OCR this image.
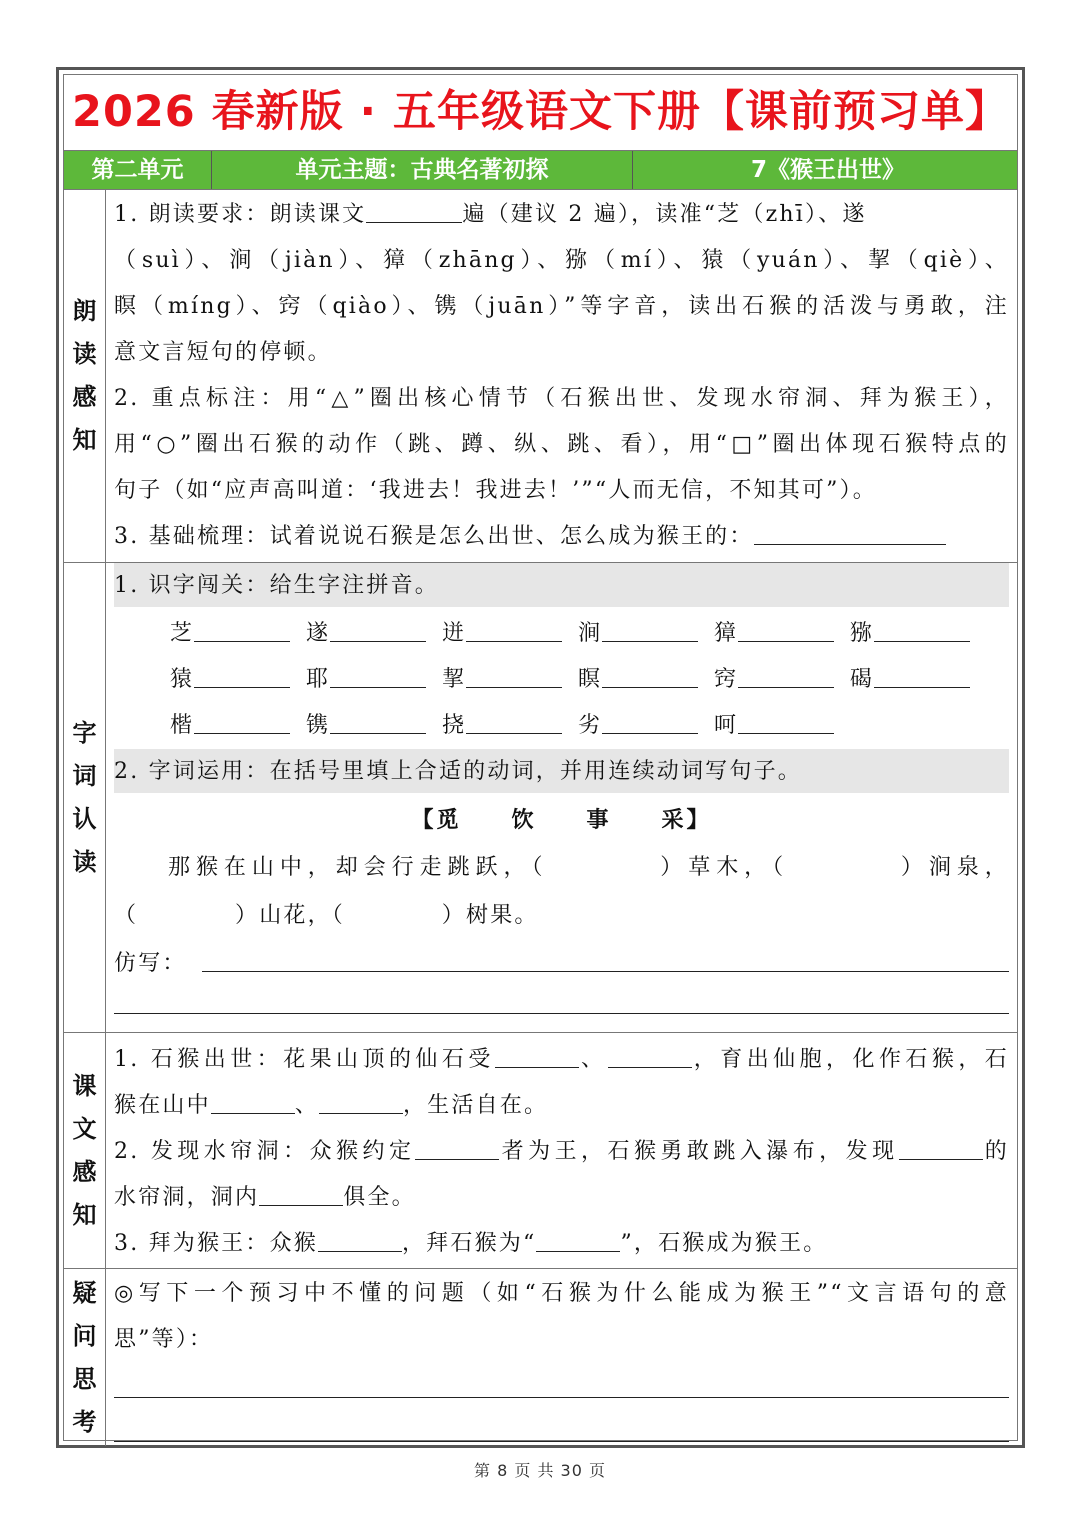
2026 春新版 · 五年级语文下册【课前预习单】
第二单元	单元主题：古典名著初探	7《猴王出世》
朗
读
感
知
1. 朗读要求：朗读课文	遍（建议 2 遍），读准“芝（zhī）、遂
（suì）、涧（jiàn）、獐（zhāng）、猕（mí）、猿（yuán）、挈（qiè）、
瞑（míng）、窍（qiào）、镌（juān）”等字音，读出石猴的活泼与勇敢，注
意文言短句的停顿。
2. 重点标注：用“△”圈出核心情节（石猴出世、发现水帘洞、拜为猴王），
用“○”圈出石猴的动作（跳、蹲、纵、跳、看），用“□”圈出体现石猴特点的
句子（如“应声高叫道：‘我进去！我进去！’”“人而无信，不知其可”）。
3. 基础梳理：试着说说石猴是怎么出世、怎么成为猴王的：
字
词
认
读
1. 识字闯关：给生字注拼音。
芝	遂	迸	涧	獐	猕
猿	耶	挈	瞑	窍	碣
楷	镌	挠	劣	呵
2. 字词运用：在括号里填上合适的动词，并用连续动词写句子。
【觅　　饮　　事　　采】
那猴在山中，却会行走跳跃，（　　　　）草木，（　　　　）涧泉，
（　　　　）山花，（　　　　）树果。
仿写：
课
文
感
知
1. 石猴出世：花果山顶的仙石受	、	，育出仙胞，化作石猴，石
猴在山中	、	，生活自在。
2. 发现水帘洞：众猴约定	者为王，石猴勇敢跳入瀑布，发现	的
水帘洞，洞内	俱全。
3. 拜为猴王：众猴	，拜石猴为“	”，石猴成为猴王。
疑
问
思
考
◎写下一个预习中不懂的问题（如“石猴为什么能成为猴王”“文言语句的意
思”等）：
第 8 页 共 30 页
